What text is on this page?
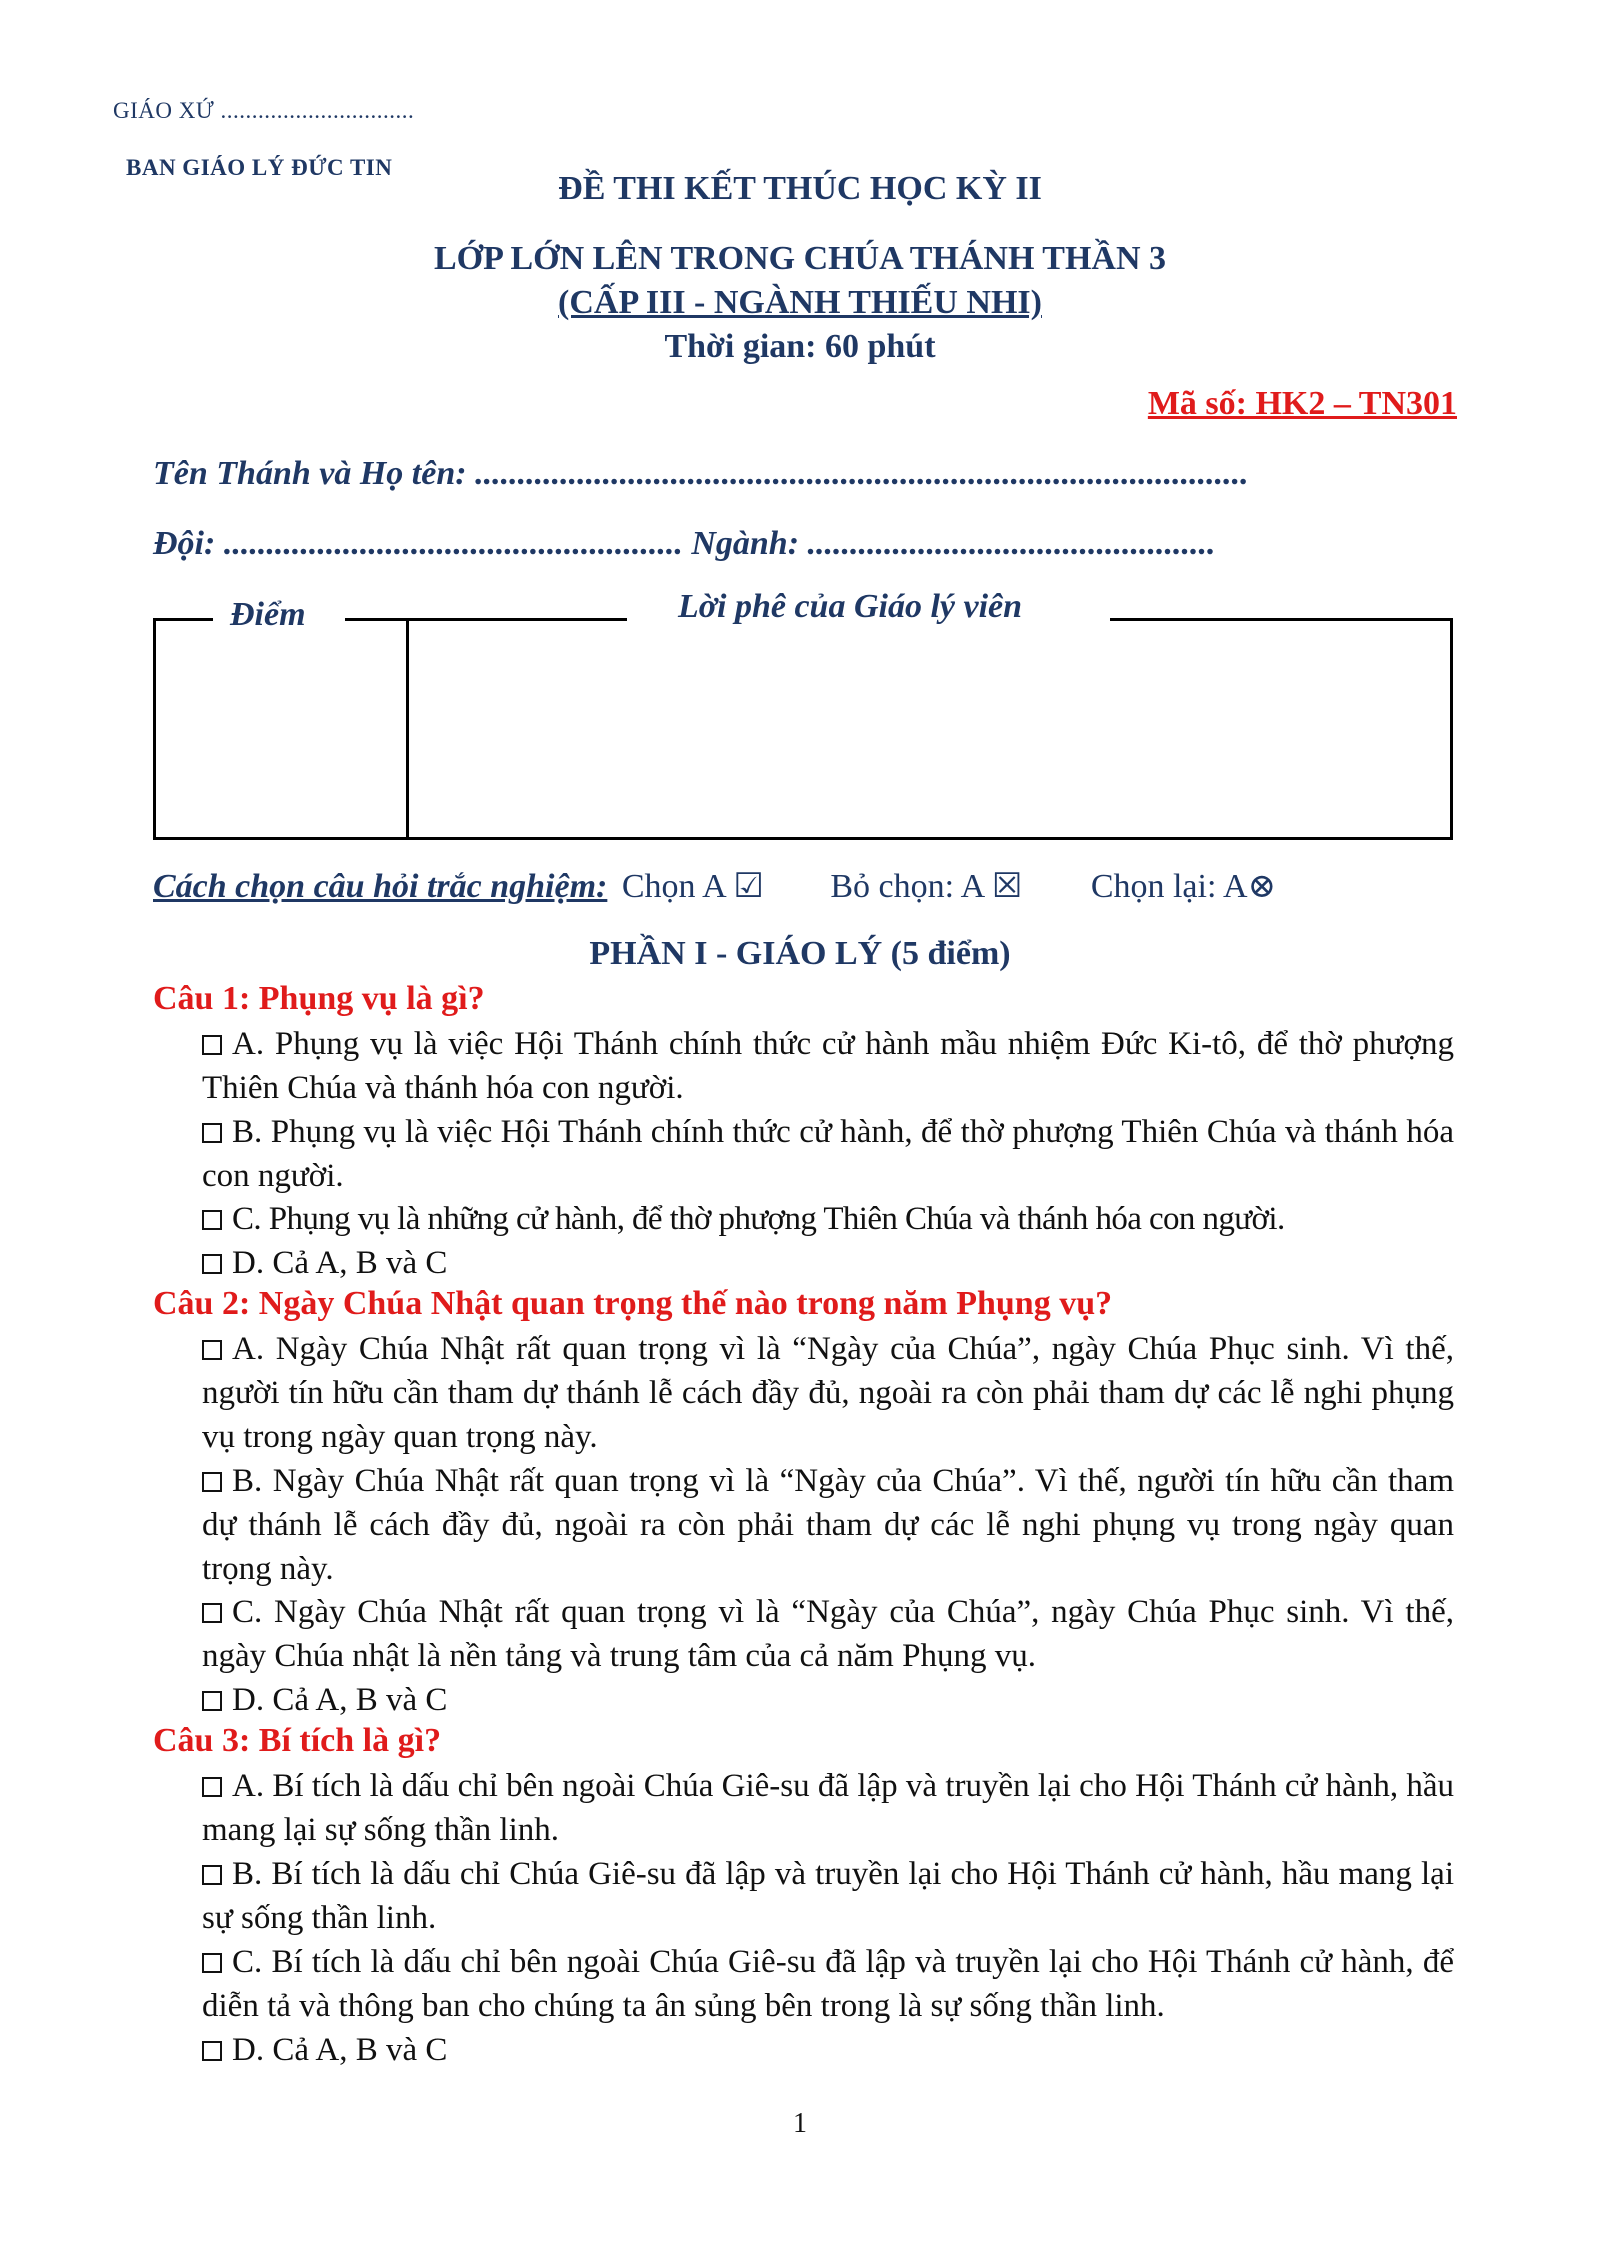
GIÁO XỨ ...............................
BAN GIÁO LÝ ĐỨC TIN
ĐỀ THI KẾT THÚC HỌC KỲ II
LỚP LỚN LÊN TRONG CHÚA THÁNH THẦN 3
(CẤP III - NGÀNH THIẾU NHI)
Thời gian: 60 phút
Mã số: HK2 – TN301
Tên Thánh và Họ tên: ...........................................................................................
Đội: ...................................................... Ngành: ................................................
Điểm	Lời phê của Giáo lý viên
Cách chọn câu hỏi trắc nghiệm: Chọn A ☑ Bỏ chọn: A ☒ Chọn lại: A⊗
PHẦN I - GIÁO LÝ (5 điểm)
Câu 1: Phụng vụ là gì?
A. Phụng vụ là việc Hội Thánh chính thức cử hành mầu nhiệm Đức Ki-tô, để thờ phượng Thiên Chúa và thánh hóa con người.
B. Phụng vụ là việc Hội Thánh chính thức cử hành, để thờ phượng Thiên Chúa và thánh hóa con người.
C. Phụng vụ là những cử hành, để thờ phượng Thiên Chúa và thánh hóa con người.
D. Cả A, B và C
Câu 2: Ngày Chúa Nhật quan trọng thế nào trong năm Phụng vụ?
A. Ngày Chúa Nhật rất quan trọng vì là “Ngày của Chúa”, ngày Chúa Phục sinh. Vì thế, người tín hữu cần tham dự thánh lễ cách đầy đủ, ngoài ra còn phải tham dự các lễ nghi phụng vụ trong ngày quan trọng này.
B. Ngày Chúa Nhật rất quan trọng vì là “Ngày của Chúa”. Vì thế, người tín hữu cần tham dự thánh lễ cách đầy đủ, ngoài ra còn phải tham dự các lễ nghi phụng vụ trong ngày quan trọng này.
C. Ngày Chúa Nhật rất quan trọng vì là “Ngày của Chúa”, ngày Chúa Phục sinh. Vì thế, ngày Chúa nhật là nền tảng và trung tâm của cả năm Phụng vụ.
D. Cả A, B và C
Câu 3: Bí tích là gì?
A. Bí tích là dấu chỉ bên ngoài Chúa Giê-su đã lập và truyền lại cho Hội Thánh cử hành, hầu mang lại sự sống thần linh.
B. Bí tích là dấu chỉ Chúa Giê-su đã lập và truyền lại cho Hội Thánh cử hành, hầu mang lại sự sống thần linh.
C. Bí tích là dấu chỉ bên ngoài Chúa Giê-su đã lập và truyền lại cho Hội Thánh cử hành, để diễn tả và thông ban cho chúng ta ân sủng bên trong là sự sống thần linh.
D. Cả A, B và C
1
